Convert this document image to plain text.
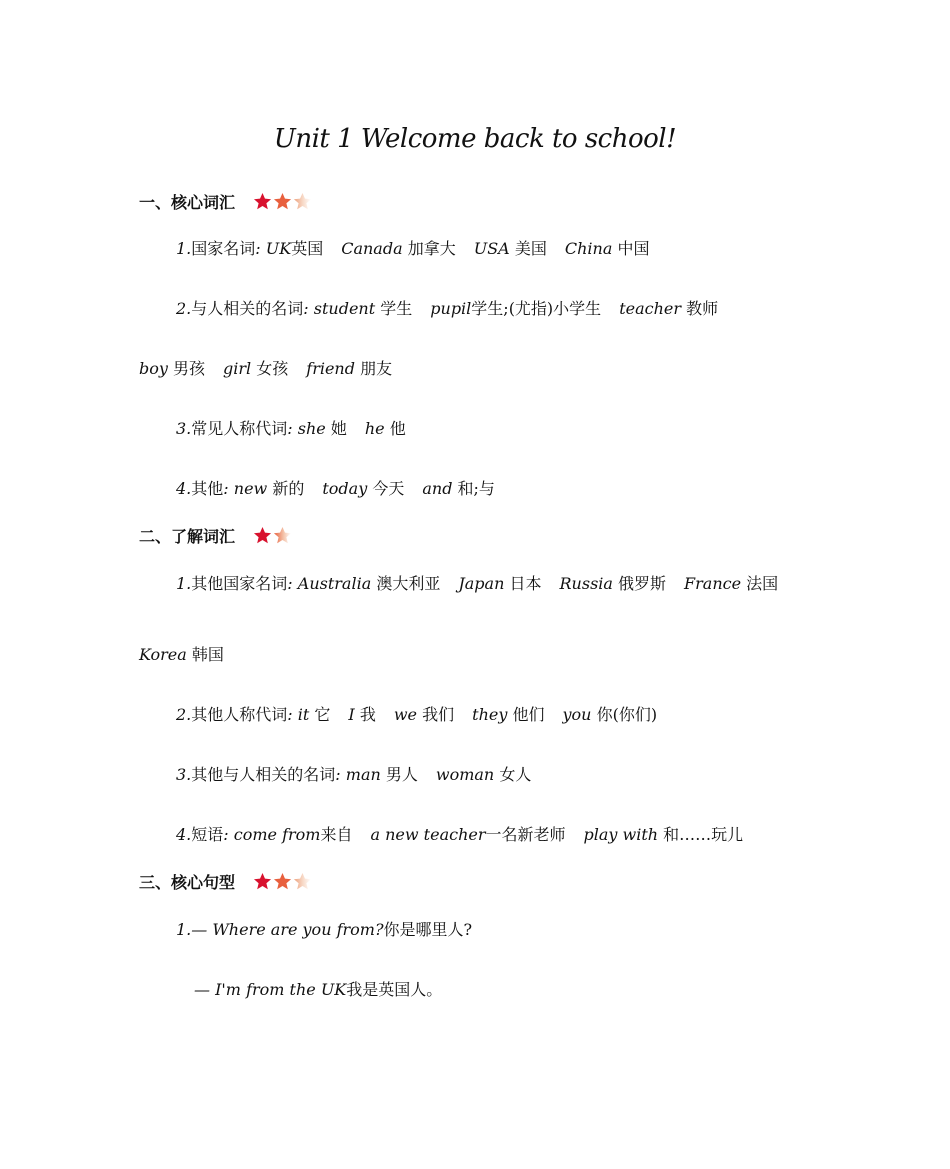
Unit 1 Welcome back to school!
一、核心词汇
1.国家名词: UK英国 Canada 加拿大 USA 美国 China 中国
2.与人相关的名词: student 学生 pupil学生;(尤指)小学生 teacher 教师
boy 男孩 girl 女孩 friend 朋友
3.常见人称代词: she 她 he 他
4.其他: new 新的 today 今天 and 和;与
二、了解词汇
1.其他国家名词: Australia 澳大利亚 Japan 日本 Russia 俄罗斯 France 法国
Korea 韩国
2.其他人称代词: it 它 I 我 we 我们 they 他们 you 你(你们)
3.其他与人相关的名词: man 男人 woman 女人
4.短语: come from来自 a new teacher一名新老师 play with 和……玩儿
三、核心句型
1.— Where are you from?你是哪里人?
— I'm from the UK我是英国人。
